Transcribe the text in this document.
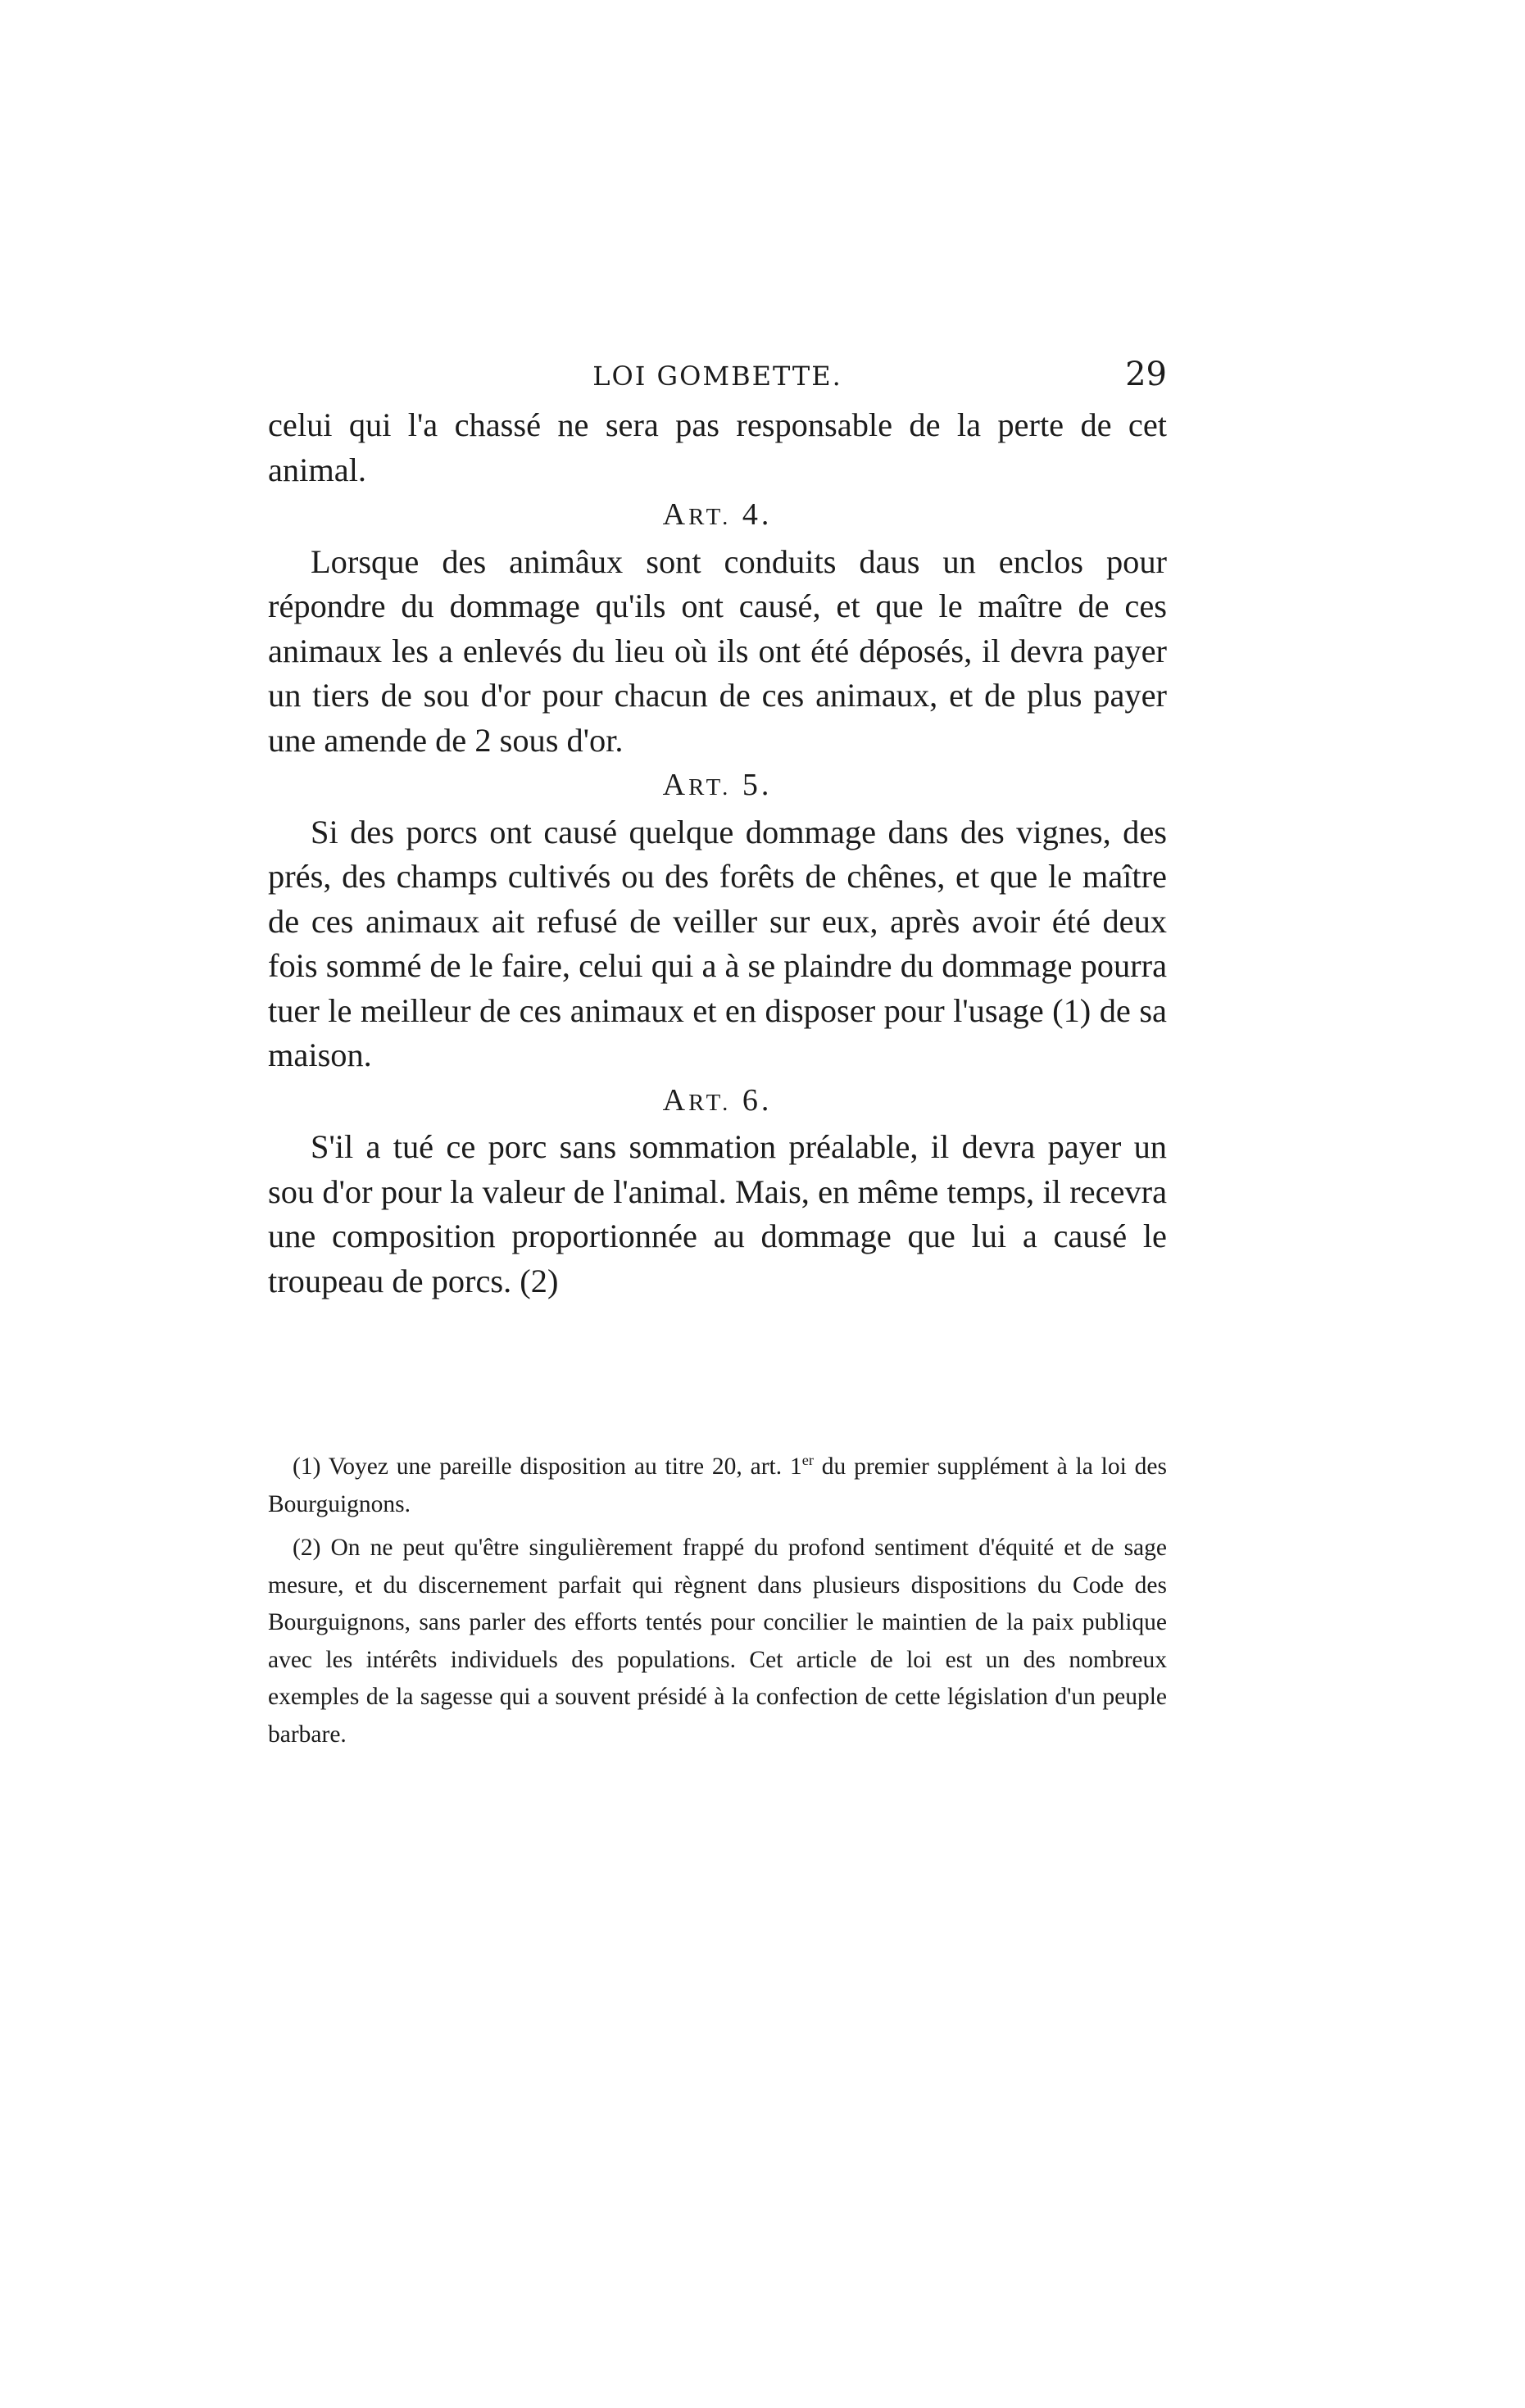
LOI GOMBETTE.	29

celui qui l'a chassé ne sera pas responsable de la perte de cet animal.

ART. 4.

Lorsque des animâux sont conduits daus un enclos pour répondre du dommage qu'ils ont causé, et que le maître de ces animaux les a enlevés du lieu où ils ont été déposés, il devra payer un tiers de sou d'or pour chacun de ces animaux, et de plus payer une amende de 2 sous d'or.

ART. 5.

Si des porcs ont causé quelque dommage dans des vignes, des prés, des champs cultivés ou des forêts de chênes, et que le maître de ces animaux ait refusé de veiller sur eux, après avoir été deux fois sommé de le faire, celui qui a à se plaindre du dommage pourra tuer le meilleur de ces animaux et en disposer pour l'usage (1) de sa maison.

ART. 6.

S'il a tué ce porc sans sommation préalable, il devra payer un sou d'or pour la valeur de l'animal. Mais, en même temps, il recevra une composition proportionnée au dommage que lui a causé le troupeau de porcs. (2)

(1) Voyez une pareille disposition au titre 20, art. 1er du premier supplément à la loi des Bourguignons.

(2) On ne peut qu'être singulièrement frappé du profond sentiment d'équité et de sage mesure, et du discernement parfait qui règnent dans plusieurs dispositions du Code des Bourguignons, sans parler des efforts tentés pour concilier le maintien de la paix publique avec les intérêts individuels des populations. Cet article de loi est un des nombreux exemples de la sagesse qui a souvent présidé à la confection de cette législation d'un peuple barbare.
